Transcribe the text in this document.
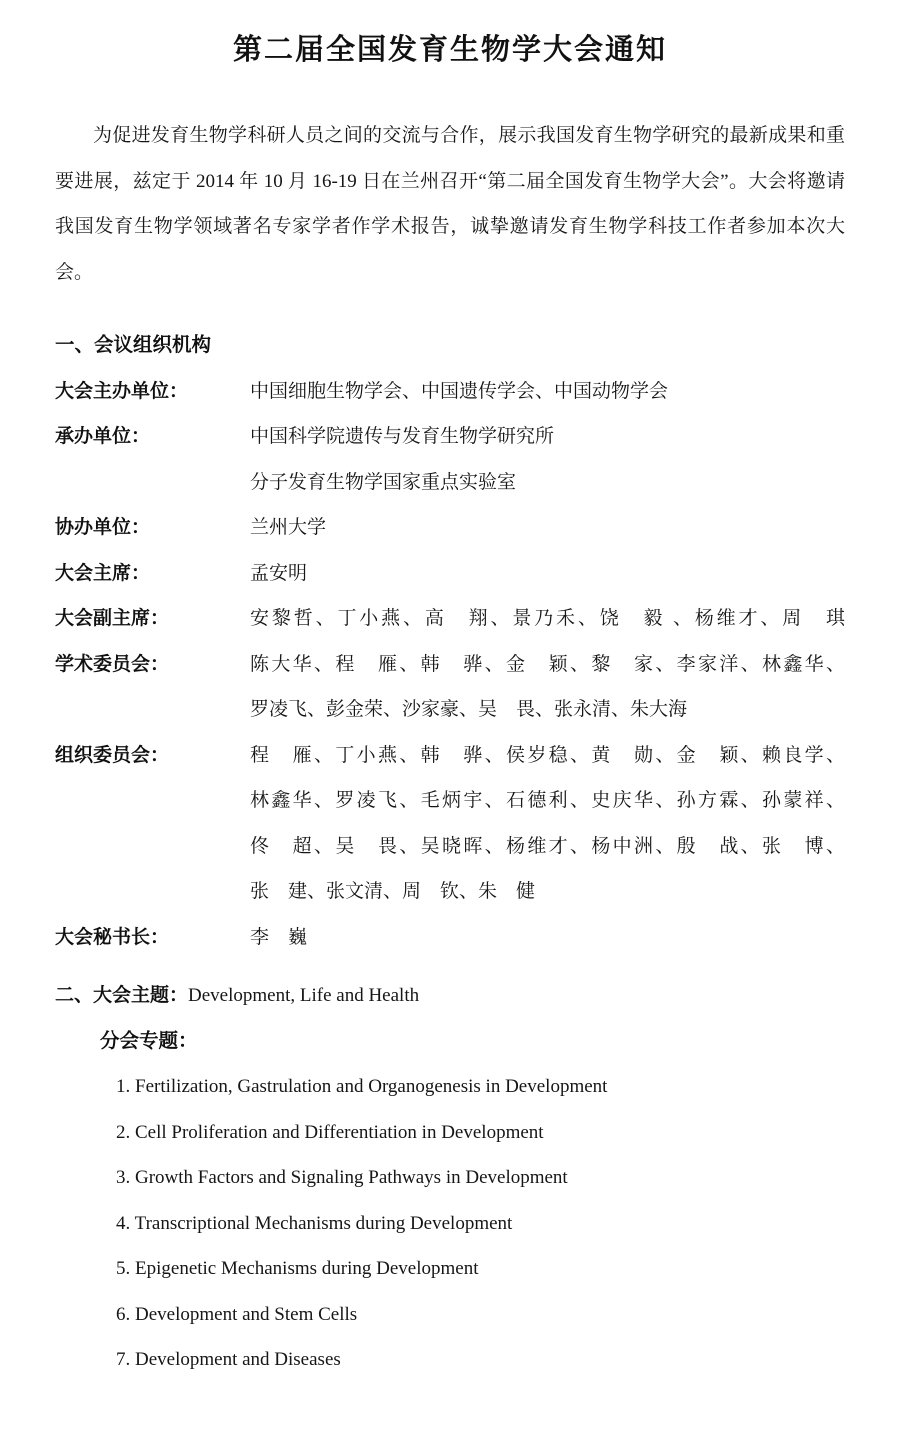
第二届全国发育生物学大会通知

为促进发育生物学科研人员之间的交流与合作，展示我国发育生物学研究的最新成果和重要进展，兹定于 2014 年 10 月 16-19 日在兰州召开“第二届全国发育生物学大会”。大会将邀请我国发育生物学领域著名专家学者作学术报告，诚挚邀请发育生物学科技工作者参加本次大会。

一、会议组织机构
大会主办单位：	中国细胞生物学会、中国遗传学会、中国动物学会
承办单位：	中国科学院遗传与发育生物学研究所
分子发育生物学国家重点实验室
协办单位：	兰州大学
大会主席：	孟安明
大会副主席：	安黎哲、丁小燕、高　翔、景乃禾、饶　毅 、杨维才、周　琪
学术委员会：	陈大华、程　雁、韩　骅、金　颖、黎　家、李家洋、林鑫华、
罗凌飞、彭金荣、沙家豪、吴　畏、张永清、朱大海
组织委员会：	程　雁、丁小燕、韩　骅、侯岁稳、黄　勋、金　颖、赖良学、
林鑫华、罗凌飞、毛炳宇、石德利、史庆华、孙方霖、孙蒙祥、
佟　超、吴　畏、吴晓晖、杨维才、杨中洲、殷　战、张　博、
张　建、张文清、周　钦、朱　健
大会秘书长：	李　巍
二、大会主题：Development, Life and Health
分会专题：
1. Fertilization, Gastrulation and Organogenesis in Development
2. Cell Proliferation and Differentiation in Development
3. Growth Factors and Signaling Pathways in Development
4. Transcriptional Mechanisms during Development
5. Epigenetic Mechanisms during Development
6. Development and Stem Cells
7. Development and Diseases
